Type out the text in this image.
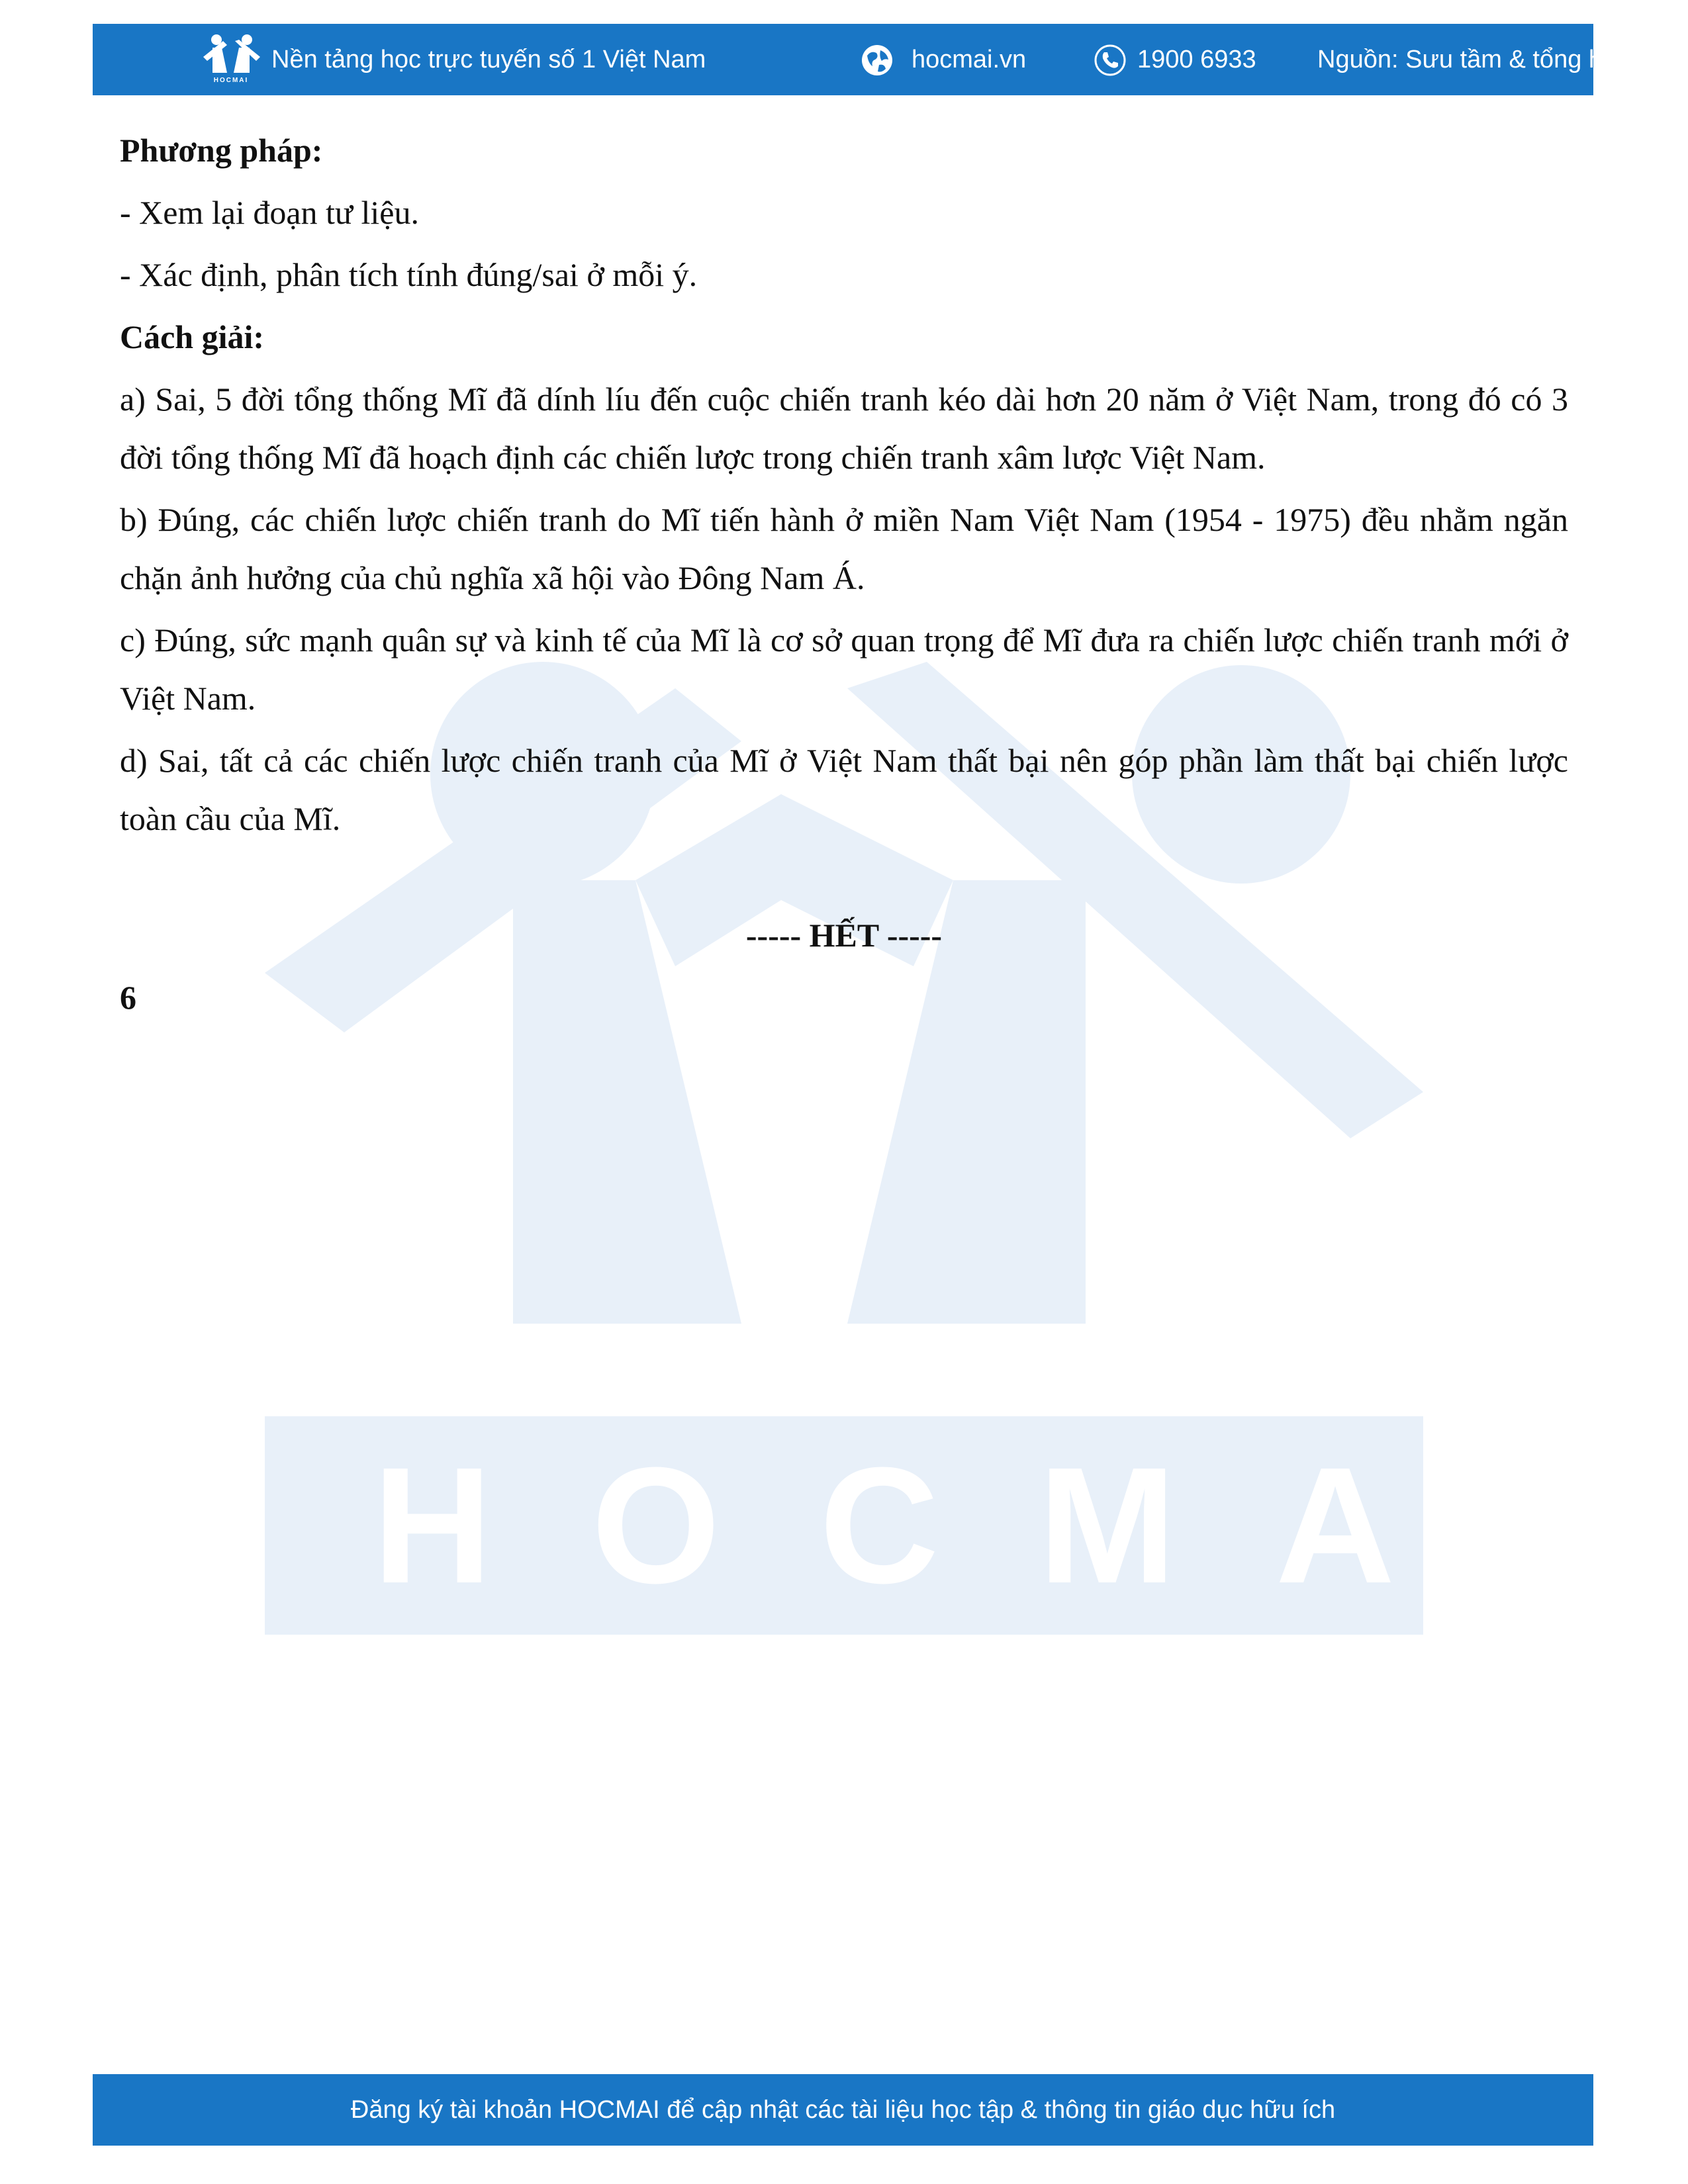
HOCMAI
HOCMAI
Nền tảng học trực tuyến số 1 Việt Nam	hocmai.vn	1900 6933 Nguồn: Sưu tầm & tổng hợp

Phương pháp:

- Xem lại đoạn tư liệu.

- Xác định, phân tích tính đúng/sai ở mỗi ý.

Cách giải:

a) Sai, 5 đời tổng thống Mĩ đã dính líu đến cuộc chiến tranh kéo dài hơn 20 năm ở Việt Nam, trong đó có 3 đời tổng thống Mĩ đã hoạch định các chiến lược trong chiến tranh xâm lược Việt Nam.

b) Đúng, các chiến lược chiến tranh do Mĩ tiến hành ở miền Nam Việt Nam (1954 - 1975) đều nhằm ngăn chặn ảnh hưởng của chủ nghĩa xã hội vào Đông Nam Á.

c) Đúng, sức mạnh quân sự và kinh tế của Mĩ là cơ sở quan trọng để Mĩ đưa ra chiến lược chiến tranh mới ở Việt Nam.

d) Sai, tất cả các chiến lược chiến tranh của Mĩ ở Việt Nam thất bại nên góp phần làm thất bại chiến lược toàn cầu của Mĩ.

----- HẾT -----

6

Đăng ký tài khoản HOCMAI để cập nhật các tài liệu học tập & thông tin giáo dục hữu ích
